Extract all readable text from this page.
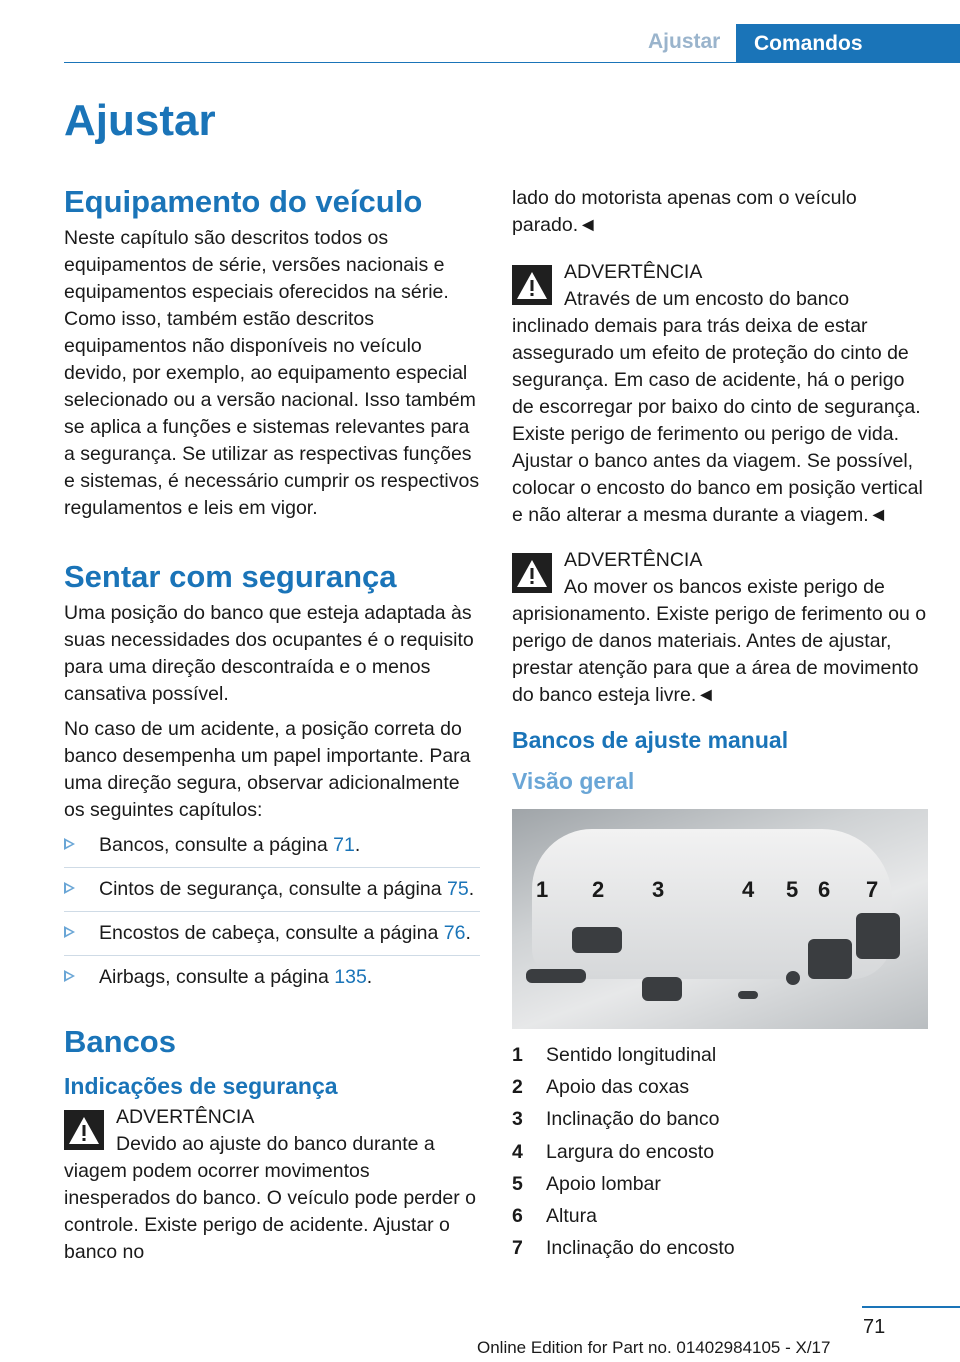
Ajustar	Comandos
Ajustar
Equipamento do veículo

Neste capítulo são descritos todos os equipamentos de série, versões nacionais e equipamentos especiais oferecidos na série. Como isso, também estão descritos equipamentos não disponíveis no veículo devido, por exemplo, ao equipamento especial selecionado ou a versão nacional. Isso também se aplica a funções e sistemas relevantes para a segurança. Se utilizar as respectivas funções e sistemas, é necessário cumprir os respectivos regulamentos e leis em vigor.

Sentar com segurança

Uma posição do banco que esteja adaptada às suas necessidades dos ocupantes é o requisito para uma direção descontraída e o menos cansativa possível.

No caso de um acidente, a posição correta do banco desempenha um papel importante. Para uma direção segura, observar adicionalmente os seguintes capítulos:

Bancos, consulte a página 71.
Cintos de segurança, consulte a página 75.
Encostos de cabeça, consulte a página 76.
Airbags, consulte a página 135.
Bancos
Indicações de segurança
ADVERTÊNCIA
Devido ao ajuste do banco durante a viagem podem ocorrer movimentos inesperados do banco. O veículo pode perder o controle. Existe perigo de acidente. Ajustar o banco no

lado do motorista apenas com o veículo parado.◄

ADVERTÊNCIA
Através de um encosto do banco inclinado demais para trás deixa de estar assegurado um efeito de proteção do cinto de segurança. Em caso de acidente, há o perigo de escorregar por baixo do cinto de segurança. Existe perigo de ferimento ou perigo de vida. Ajustar o banco antes da viagem. Se possível, colocar o encosto do banco em posição vertical e não alterar a mesma durante a viagem.◄
ADVERTÊNCIA
Ao mover os bancos existe perigo de aprisionamento. Existe perigo de ferimento ou o perigo de danos materiais. Antes de ajustar, prestar atenção para que a área de movimento do banco esteja livre.◄
Bancos de ajuste manual
Visão geral
1 2 3	4 5 6 7
1	Sentido longitudinal
2	Apoio das coxas
3	Inclinação do banco
4	Largura do encosto
5	Apoio lombar
6	Altura
7	Inclinação do encosto
71
Online Edition for Part no. 01402984105 - X/17
